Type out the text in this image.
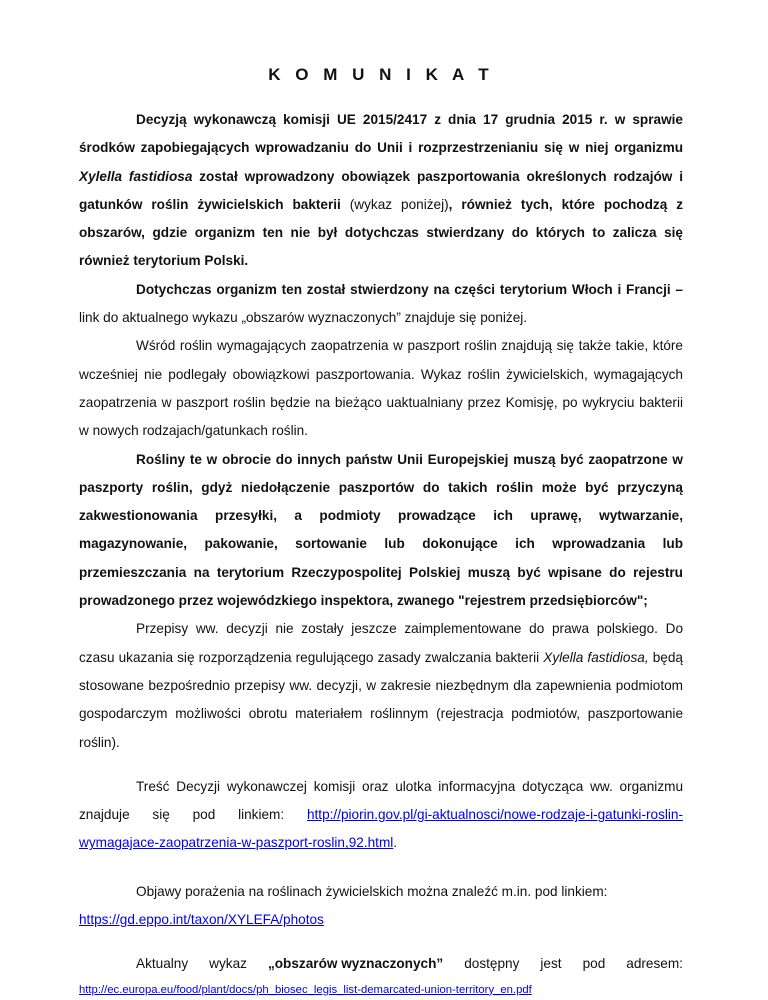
K O M U N I K A T

Decyzją wykonawczą komisji UE 2015/2417 z dnia 17 grudnia 2015 r. w sprawie środków zapobiegających wprowadzaniu do Unii i rozprzestrzenianiu się w niej organizmu Xylella fastidiosa został wprowadzony obowiązek paszportowania określonych rodzajów i gatunków roślin żywicielskich bakterii (wykaz poniżej), również tych, które pochodzą z obszarów, gdzie organizm ten nie był dotychczas stwierdzany do których to zalicza się również terytorium Polski.

Dotychczas organizm ten został stwierdzony na części terytorium Włoch i Francji – link do aktualnego wykazu „obszarów wyznaczonych” znajduje się poniżej.

Wśród roślin wymagających zaopatrzenia w paszport roślin znajdują się także takie, które wcześniej nie podlegały obowiązkowi paszportowania. Wykaz roślin żywicielskich, wymagających zaopatrzenia w paszport roślin będzie na bieżąco uaktualniany przez Komisję, po wykryciu bakterii w nowych rodzajach/gatunkach roślin.

Rośliny te w obrocie do innych państw Unii Europejskiej muszą być zaopatrzone w paszporty roślin, gdyż niedołączenie paszportów do takich roślin może być przyczyną zakwestionowania przesyłki, a podmioty prowadzące ich uprawę, wytwarzanie, magazynowanie, pakowanie, sortowanie lub dokonujące ich wprowadzania lub przemieszczania na terytorium Rzeczypospolitej Polskiej muszą być wpisane do rejestru prowadzonego przez wojewódzkiego inspektora, zwanego "rejestrem przedsiębiorców";

Przepisy ww. decyzji nie zostały jeszcze zaimplementowane do prawa polskiego. Do czasu ukazania się rozporządzenia regulującego zasady zwalczania bakterii Xylella fastidiosa, będą stosowane bezpośrednio przepisy ww. decyzji, w zakresie niezbędnym dla zapewnienia podmiotom gospodarczym możliwości obrotu materiałem roślinnym (rejestracja podmiotów, paszportowanie roślin).

Treść Decyzji wykonawczej komisji oraz ulotka informacyjna dotycząca ww. organizmu znajduje się pod linkiem: http://piorin.gov.pl/gi-aktualnosci/nowe-rodzaje-i-gatunki-roslin-wymagajace-zaopatrzenia-w-paszport-roslin,92.html.

Objawy porażenia na roślinach żywicielskich można znaleźć m.in. pod linkiem:

https://gd.eppo.int/taxon/XYLEFA/photos

Aktualny wykaz „obszarów wyznaczonych” dostępny jest pod adresem:
http://ec.europa.eu/food/plant/docs/ph_biosec_legis_list-demarcated-union-territory_en.pdf
